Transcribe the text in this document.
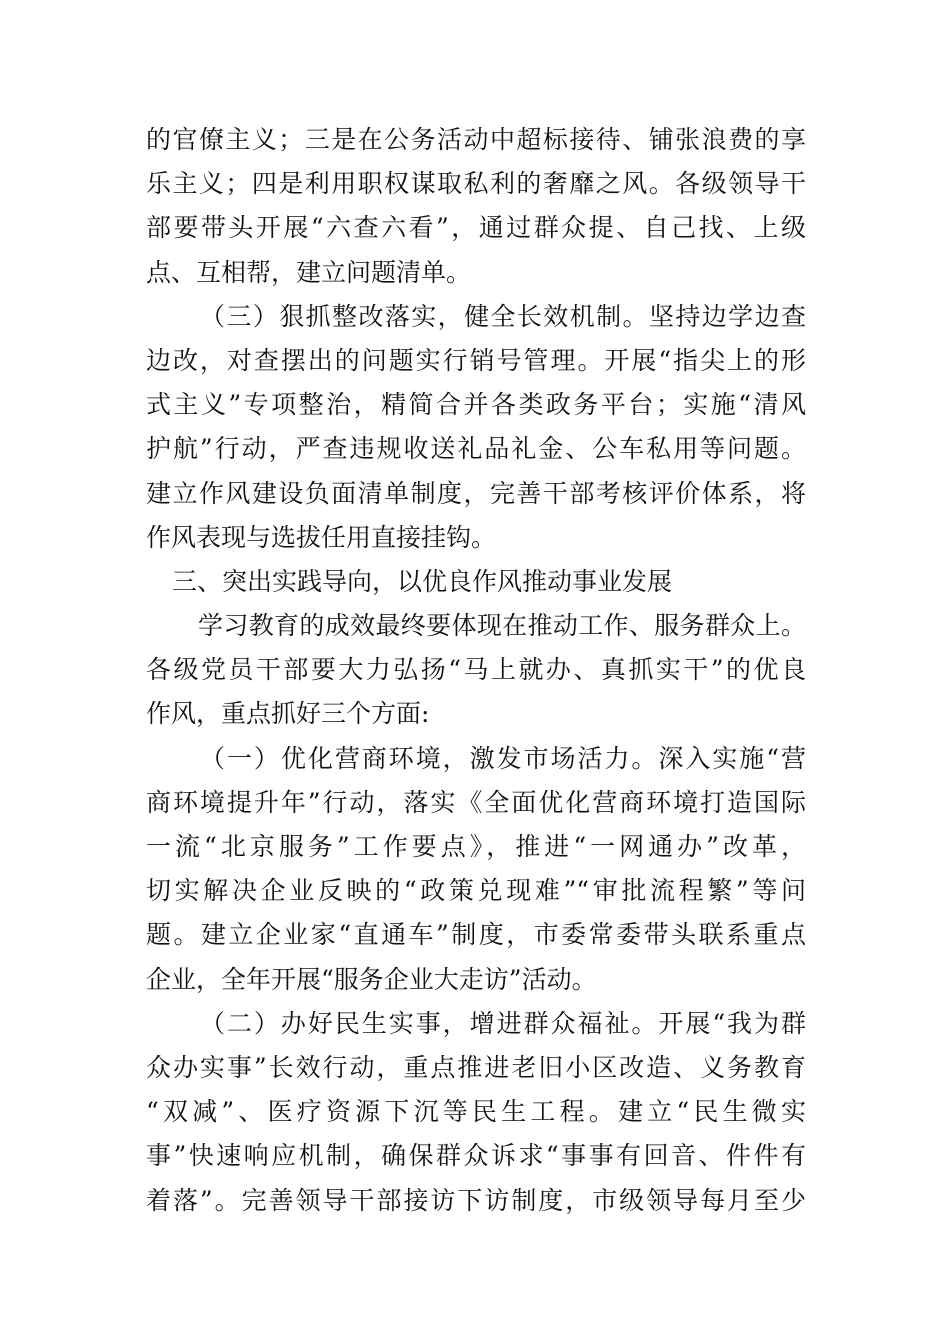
的官僚主义；三是在公务活动中超标接待、铺张浪费的享
乐主义；四是利用职权谋取私利的奢靡之风。各级领导干
部要带头开展“六查六看”，通过群众提、自己找、上级
点、互相帮，建立问题清单。
（三）狠抓整改落实，健全长效机制。坚持边学边查
边改，对查摆出的问题实行销号管理。开展“指尖上的形
式主义”专项整治，精简合并各类政务平台；实施“清风
护航”行动，严查违规收送礼品礼金、公车私用等问题。
建立作风建设负面清单制度，完善干部考核评价体系，将
作风表现与选拔任用直接挂钩。
三、突出实践导向，以优良作风推动事业发展
学习教育的成效最终要体现在推动工作、服务群众上。
各级党员干部要大力弘扬“马上就办、真抓实干”的优良
作风，重点抓好三个方面:
（一）优化营商环境，激发市场活力。深入实施“营
商环境提升年”行动，落实《全面优化营商环境打造国际
一流“北京服务”工作要点》，推进“一网通办”改革，
切实解决企业反映的“政策兑现难”“审批流程繁”等问
题。建立企业家“直通车”制度，市委常委带头联系重点
企业，全年开展“服务企业大走访”活动。
（二）办好民生实事，增进群众福祉。开展“我为群
众办实事”长效行动，重点推进老旧小区改造、义务教育
“双减”、医疗资源下沉等民生工程。建立“民生微实
事”快速响应机制，确保群众诉求“事事有回音、件件有
着落”。完善领导干部接访下访制度，市级领导每月至少
